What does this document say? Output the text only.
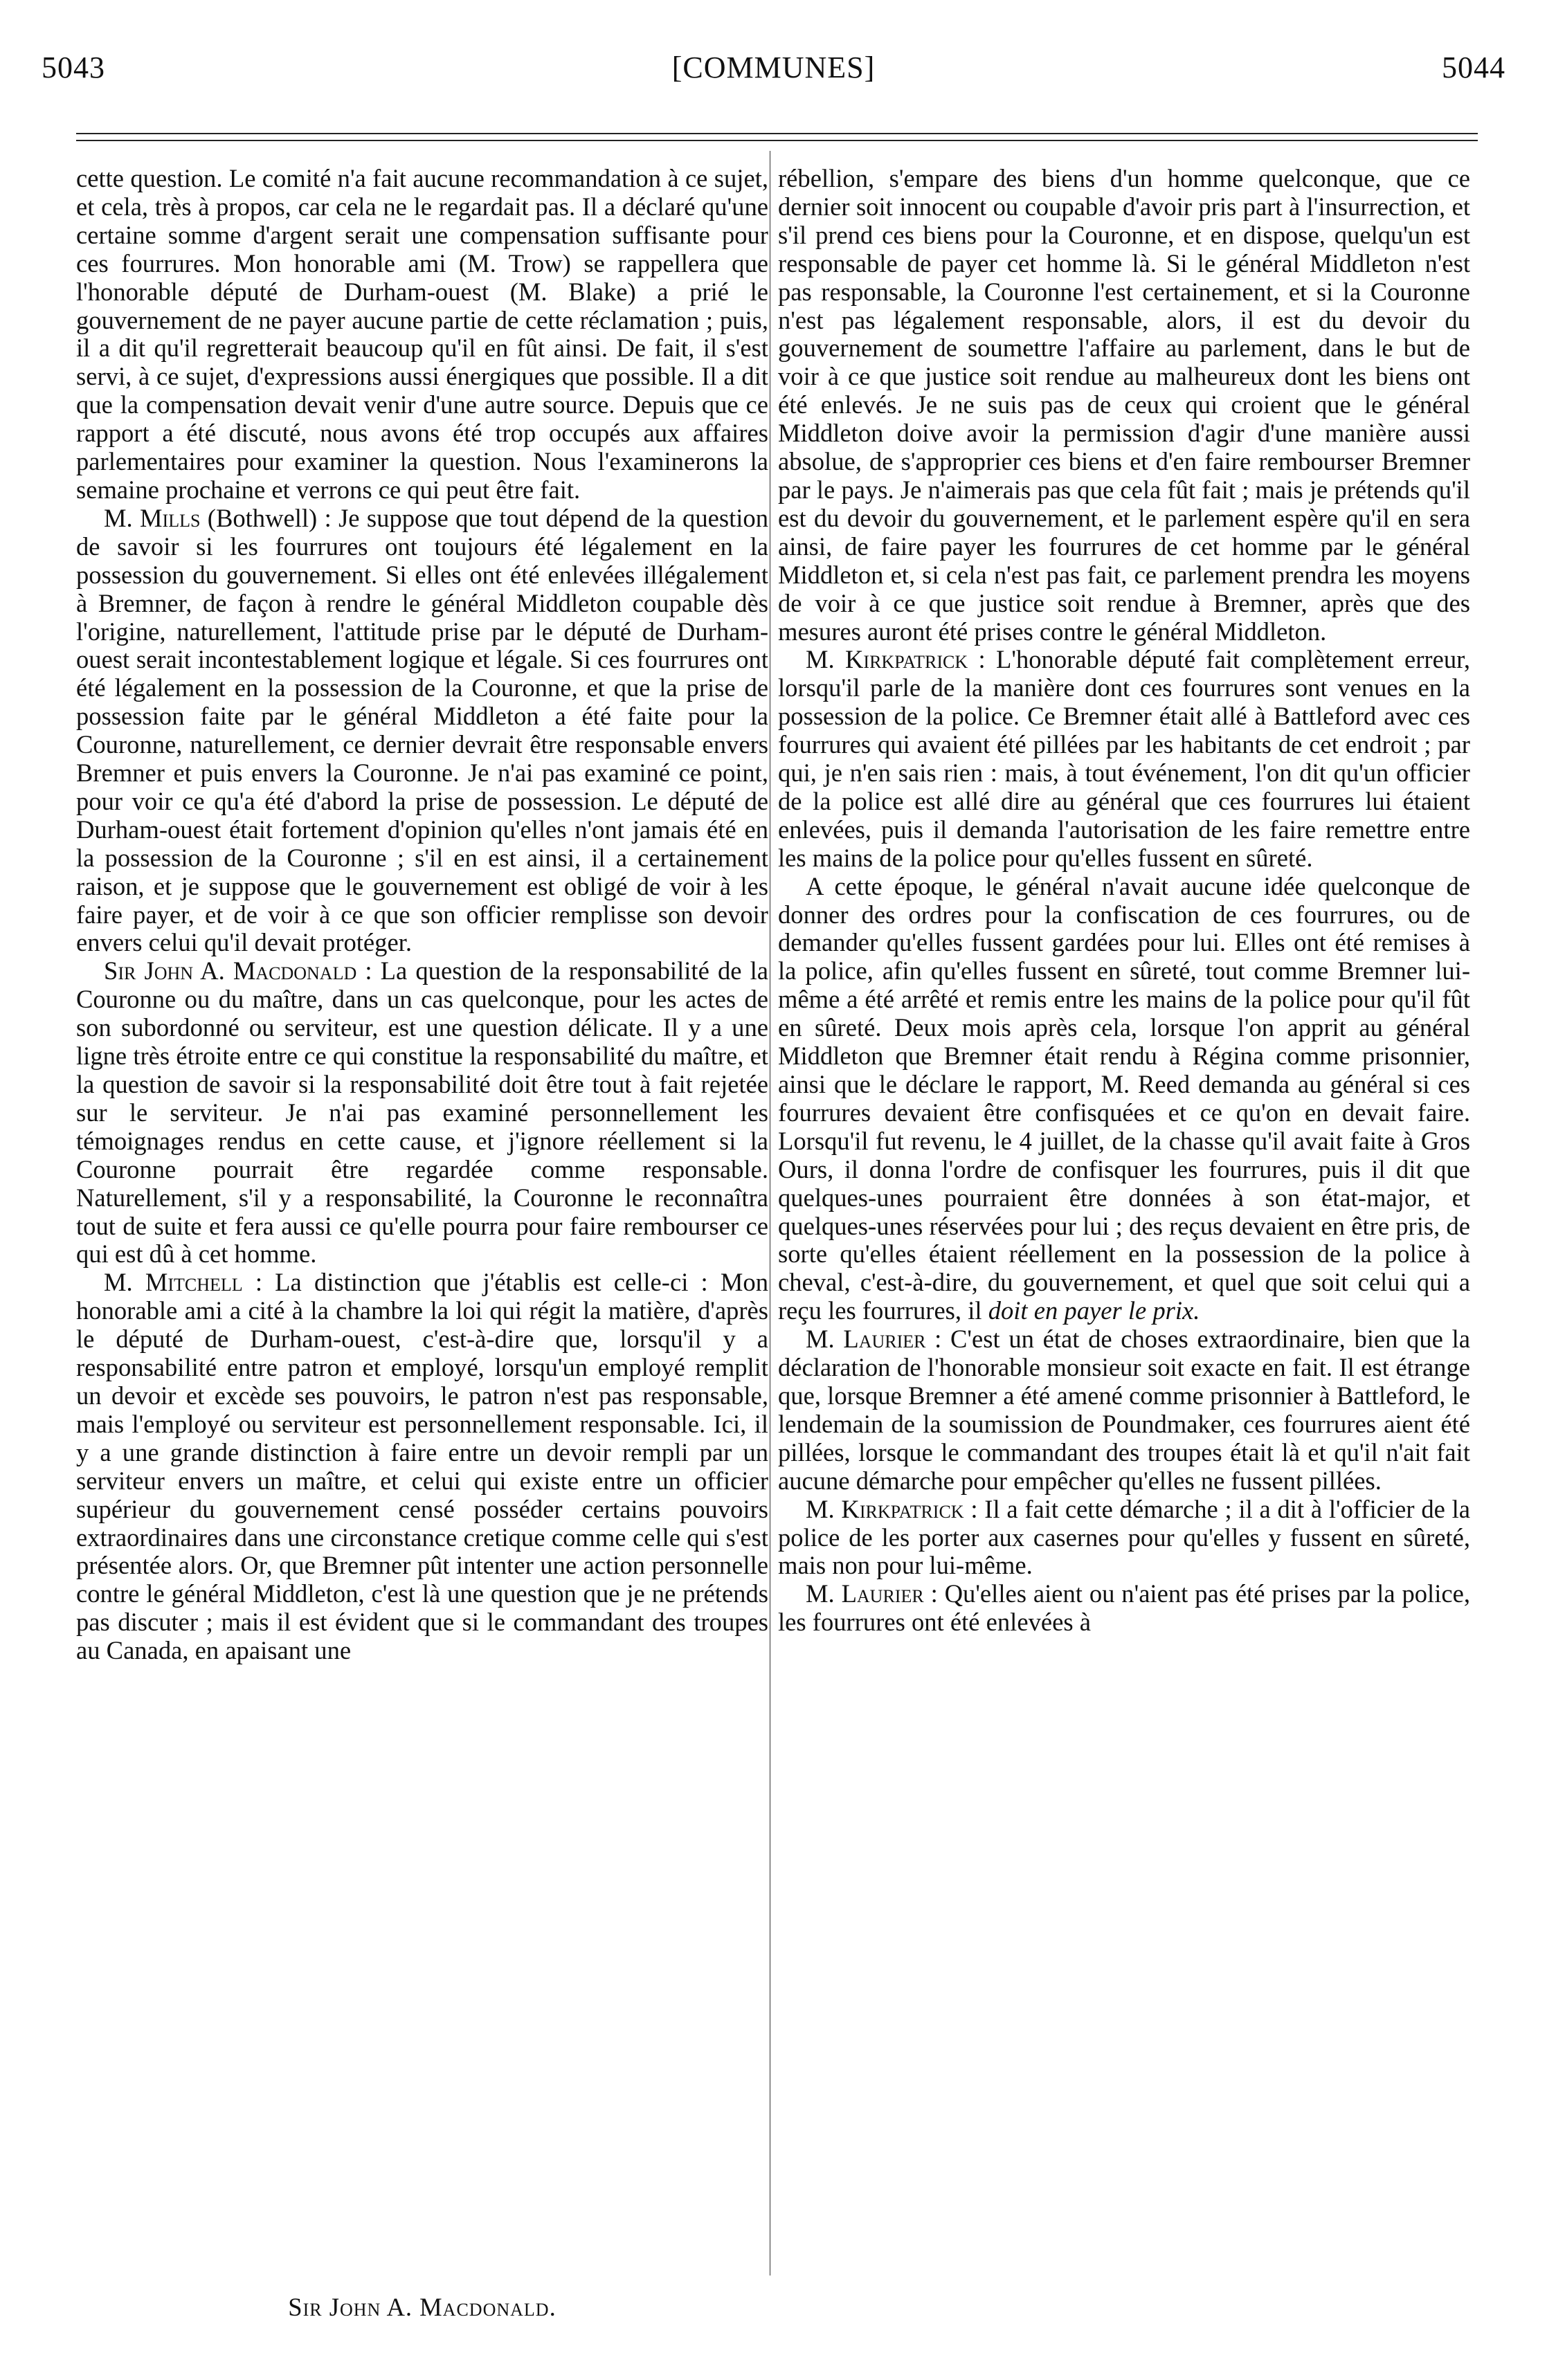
5043	[COMMUNES]	5044

cette question. Le comité n'a fait aucune recommandation à ce sujet, et cela, très à propos, car cela ne le regardait pas. Il a déclaré qu'une certaine somme d'argent serait une compensation suffisante pour ces fourrures. Mon honorable ami (M. Trow) se rappellera que l'honorable député de Durham-ouest (M. Blake) a prié le gouvernement de ne payer aucune partie de cette réclamation ; puis, il a dit qu'il regretterait beaucoup qu'il en fût ainsi. De fait, il s'est servi, à ce sujet, d'expressions aussi énergiques que possible. Il a dit que la compensation devait venir d'une autre source. Depuis que ce rapport a été discuté, nous avons été trop occupés aux affaires parlementaires pour examiner la question. Nous l'examinerons la semaine prochaine et verrons ce qui peut être fait.

M. Mills (Bothwell) : Je suppose que tout dépend de la question de savoir si les fourrures ont toujours été légalement en la possession du gouvernement. Si elles ont été enlevées illégalement à Bremner, de façon à rendre le général Middleton coupable dès l'origine, naturellement, l'attitude prise par le député de Durham-ouest serait incontestablement logique et légale. Si ces fourrures ont été légalement en la possession de la Couronne, et que la prise de possession faite par le général Middleton a été faite pour la Couronne, naturellement, ce dernier devrait être responsable envers Bremner et puis envers la Couronne. Je n'ai pas examiné ce point, pour voir ce qu'a été d'abord la prise de possession. Le député de Durham-ouest était fortement d'opinion qu'elles n'ont jamais été en la possession de la Couronne ; s'il en est ainsi, il a certainement raison, et je suppose que le gouvernement est obligé de voir à les faire payer, et de voir à ce que son officier remplisse son devoir envers celui qu'il devait protéger.

Sir John A. Macdonald : La question de la responsabilité de la Couronne ou du maître, dans un cas quelconque, pour les actes de son subordonné ou serviteur, est une question délicate. Il y a une ligne très étroite entre ce qui constitue la responsabilité du maître, et la question de savoir si la responsabilité doit être tout à fait rejetée sur le serviteur. Je n'ai pas examiné personnellement les témoignages rendus en cette cause, et j'ignore réellement si la Couronne pourrait être regardée comme responsable. Naturellement, s'il y a responsabilité, la Couronne le reconnaîtra tout de suite et fera aussi ce qu'elle pourra pour faire rembourser ce qui est dû à cet homme.

M. Mitchell : La distinction que j'établis est celle-ci : Mon honorable ami a cité à la chambre la loi qui régit la matière, d'après le député de Durham-ouest, c'est-à-dire que, lorsqu'il y a responsabilité entre patron et employé, lorsqu'un employé remplit un devoir et excède ses pouvoirs, le patron n'est pas responsable, mais l'employé ou serviteur est personnellement responsable. Ici, il y a une grande distinction à faire entre un devoir rempli par un serviteur envers un maître, et celui qui existe entre un officier supérieur du gouvernement censé posséder certains pouvoirs extraordinaires dans une circonstance cretique comme celle qui s'est présentée alors. Or, que Bremner pût intenter une action personnelle contre le général Middleton, c'est là une question que je ne prétends pas discuter ; mais il est évident que si le commandant des troupes au Canada, en apaisant une

rébellion, s'empare des biens d'un homme quelconque, que ce dernier soit innocent ou coupable d'avoir pris part à l'insurrection, et s'il prend ces biens pour la Couronne, et en dispose, quelqu'un est responsable de payer cet homme là. Si le général Middleton n'est pas responsable, la Couronne l'est certainement, et si la Couronne n'est pas légalement responsable, alors, il est du devoir du gouvernement de soumettre l'affaire au parlement, dans le but de voir à ce que justice soit rendue au malheureux dont les biens ont été enlevés. Je ne suis pas de ceux qui croient que le général Middleton doive avoir la permission d'agir d'une manière aussi absolue, de s'approprier ces biens et d'en faire rembourser Bremner par le pays. Je n'aimerais pas que cela fût fait ; mais je prétends qu'il est du devoir du gouvernement, et le parlement espère qu'il en sera ainsi, de faire payer les fourrures de cet homme par le général Middleton et, si cela n'est pas fait, ce parlement prendra les moyens de voir à ce que justice soit rendue à Bremner, après que des mesures auront été prises contre le général Middleton.

M. Kirkpatrick : L'honorable député fait complètement erreur, lorsqu'il parle de la manière dont ces fourrures sont venues en la possession de la police. Ce Bremner était allé à Battleford avec ces fourrures qui avaient été pillées par les habitants de cet endroit ; par qui, je n'en sais rien : mais, à tout événement, l'on dit qu'un officier de la police est allé dire au général que ces fourrures lui étaient enlevées, puis il demanda l'autorisation de les faire remettre entre les mains de la police pour qu'elles fussent en sûreté.

A cette époque, le général n'avait aucune idée quelconque de donner des ordres pour la confiscation de ces fourrures, ou de demander qu'elles fussent gardées pour lui. Elles ont été remises à la police, afin qu'elles fussent en sûreté, tout comme Bremner lui-même a été arrêté et remis entre les mains de la police pour qu'il fût en sûreté. Deux mois après cela, lorsque l'on apprit au général Middleton que Bremner était rendu à Régina comme prisonnier, ainsi que le déclare le rapport, M. Reed demanda au général si ces fourrures devaient être confisquées et ce qu'on en devait faire. Lorsqu'il fut revenu, le 4 juillet, de la chasse qu'il avait faite à Gros Ours, il donna l'ordre de confisquer les fourrures, puis il dit que quelques-unes pourraient être données à son état-major, et quelques-unes réservées pour lui ; des reçus devaient en être pris, de sorte qu'elles étaient réellement en la possession de la police à cheval, c'est-à-dire, du gouvernement, et quel que soit celui qui a reçu les fourrures, il doit en payer le prix.

M. Laurier : C'est un état de choses extraordinaire, bien que la déclaration de l'honorable monsieur soit exacte en fait. Il est étrange que, lorsque Bremner a été amené comme prisonnier à Battleford, le lendemain de la soumission de Poundmaker, ces fourrures aient été pillées, lorsque le commandant des troupes était là et qu'il n'ait fait aucune démarche pour empêcher qu'elles ne fussent pillées.

M. Kirkpatrick : Il a fait cette démarche ; il a dit à l'officier de la police de les porter aux casernes pour qu'elles y fussent en sûreté, mais non pour lui-même.

M. Laurier : Qu'elles aient ou n'aient pas été prises par la police, les fourrures ont été enlevées à

Sir John A. Macdonald.
